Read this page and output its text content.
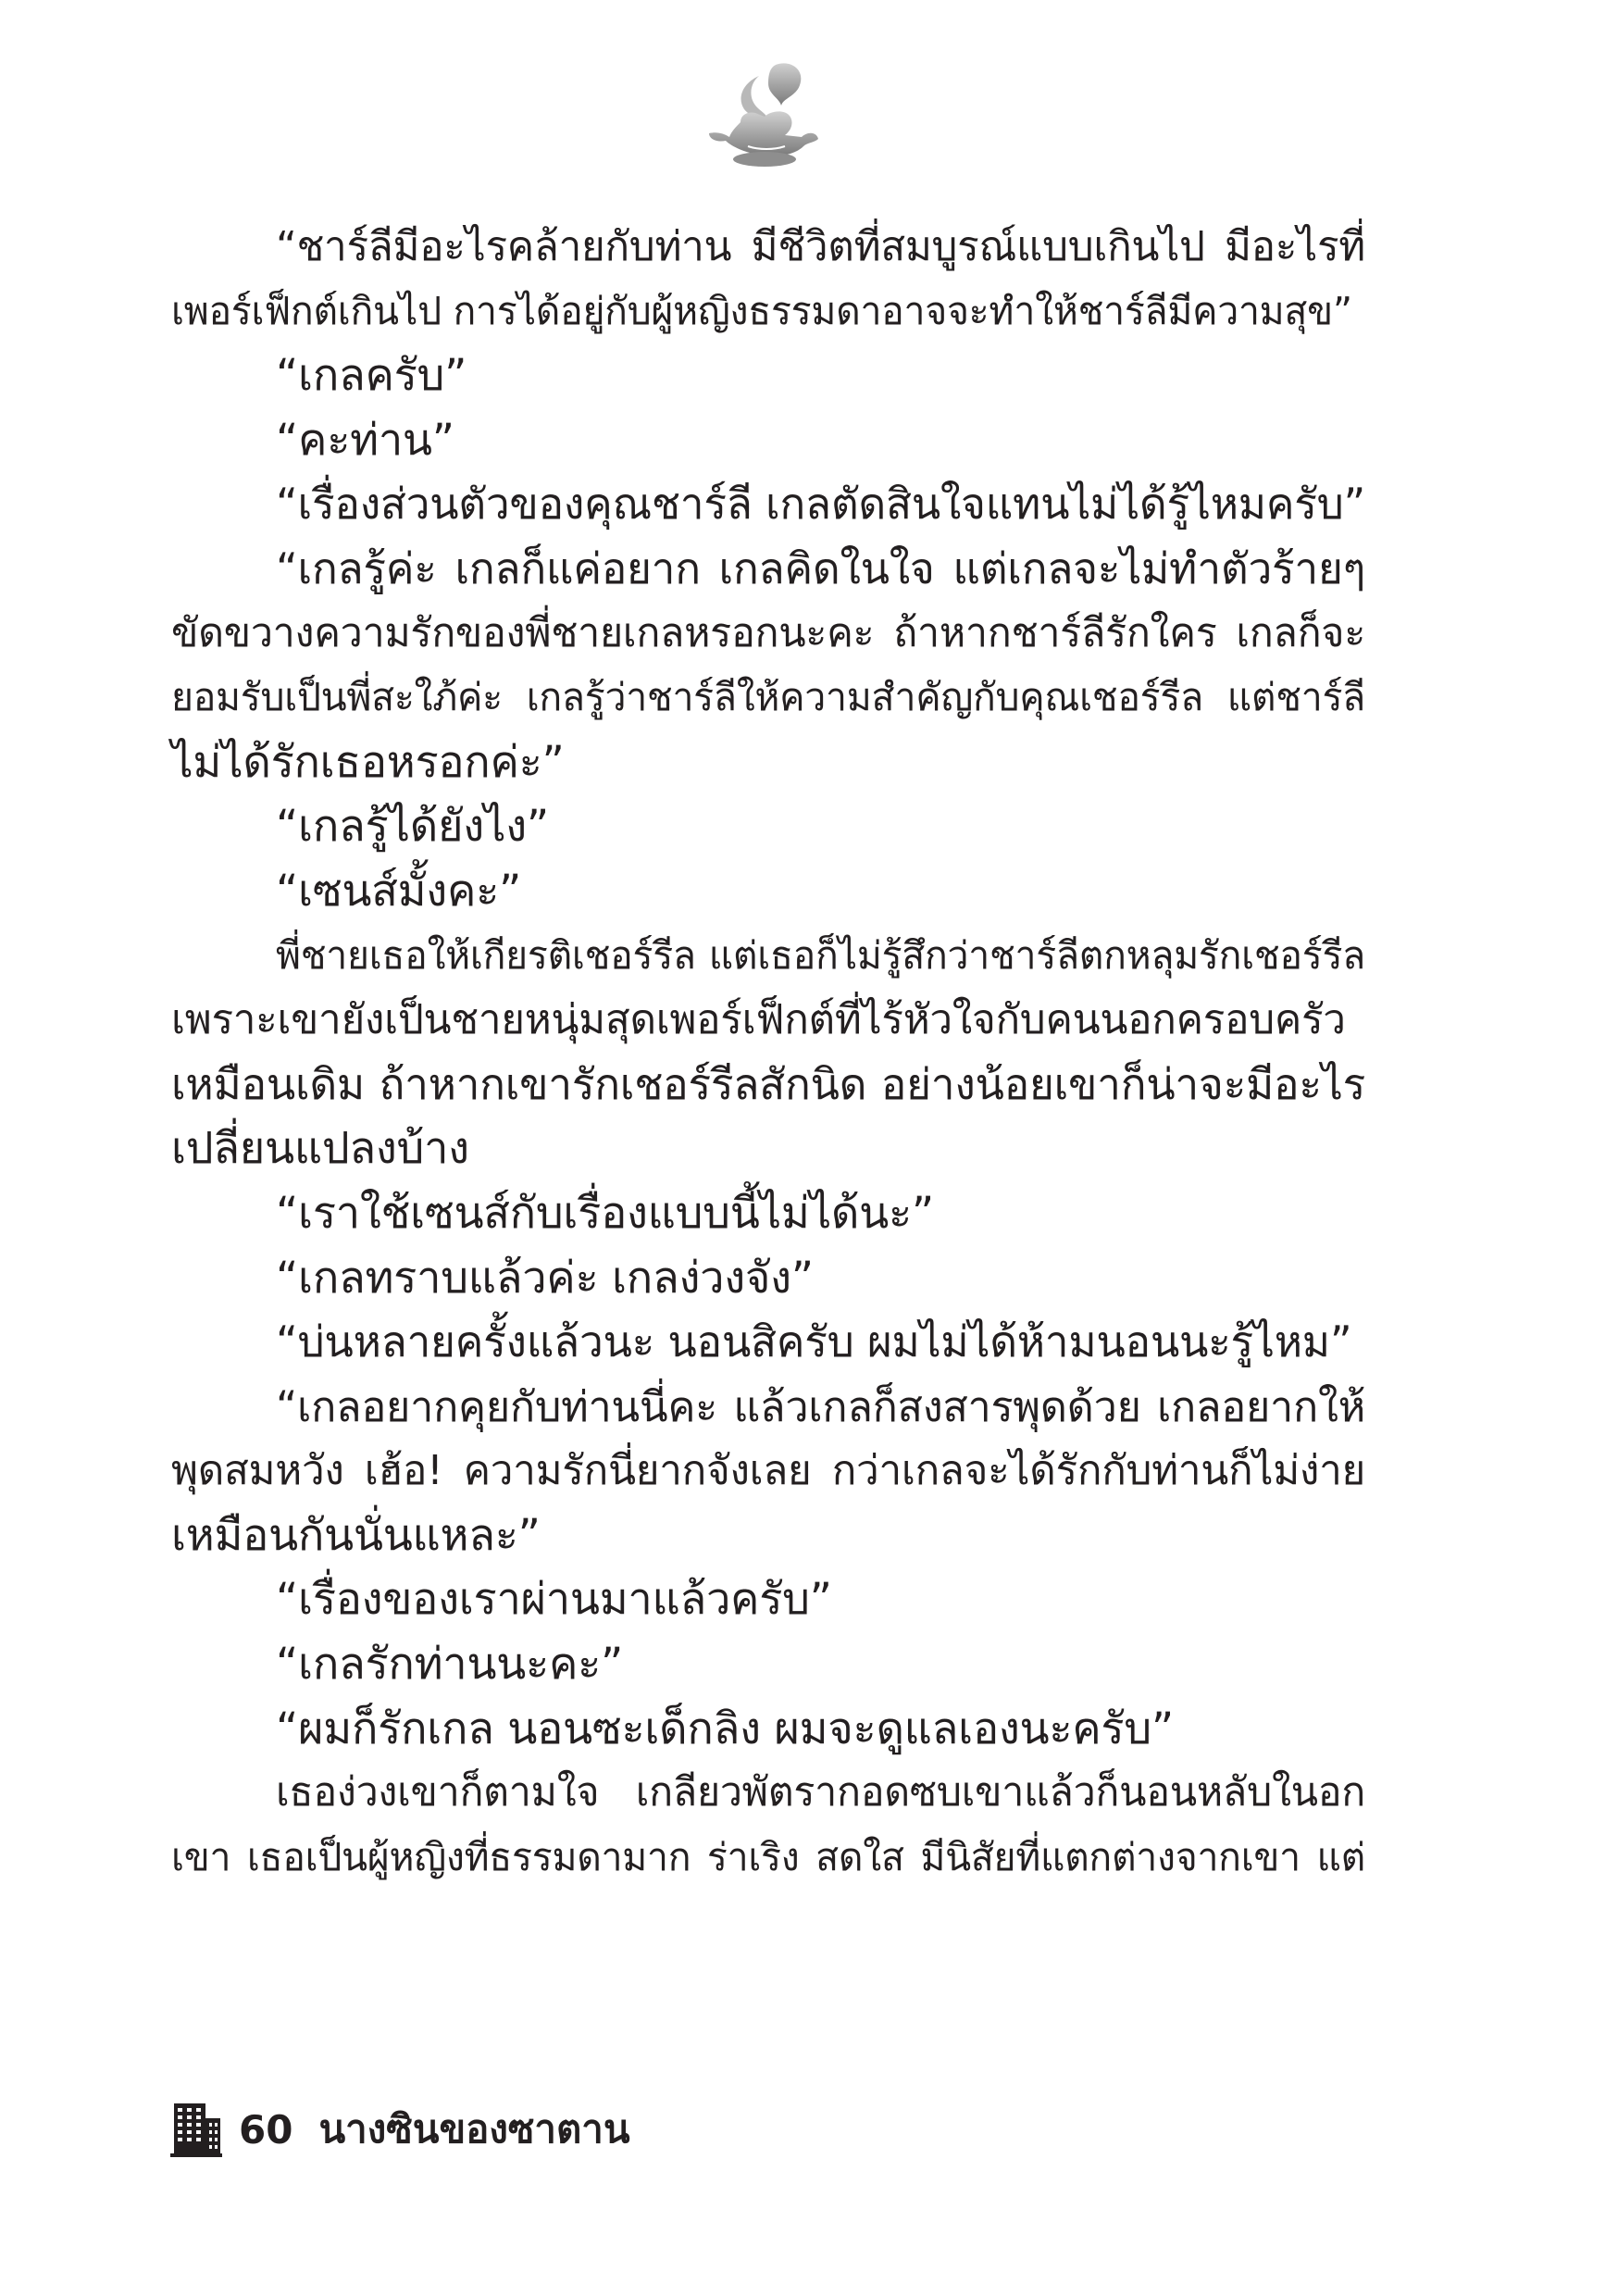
“ชาร์ลีมีอะไรคล้ายกับท่าน มีชีวิตที่สมบูรณ์แบบเกินไป มีอะไรที่
เพอร์เฟ็กต์เกินไป การได้อยู่กับผู้หญิงธรรมดาอาจจะทำให้ชาร์ลีมีความสุข”
“เกลครับ”
“คะท่าน”
“เรื่องส่วนตัวของคุณชาร์ลี เกลตัดสินใจแทนไม่ได้รู้ไหมครับ”
“เกลรู้ค่ะ เกลก็แค่อยาก เกลคิดในใจ แต่เกลจะไม่ทำตัวร้ายๆ
ขัดขวางความรักของพี่ชายเกลหรอกนะคะ ถ้าหากชาร์ลีรักใคร เกลก็จะ
ยอมรับเป็นพี่สะใภ้ค่ะ เกลรู้ว่าชาร์ลีให้ความสำคัญกับคุณเชอร์รีล แต่ชาร์ลี
ไม่ได้รักเธอหรอกค่ะ”
“เกลรู้ได้ยังไง”
“เซนส์มั้งคะ”
พี่ชายเธอให้เกียรติเชอร์รีล แต่เธอก็ไม่รู้สึกว่าชาร์ลีตกหลุมรักเชอร์รีล
เพราะเขายังเป็นชายหนุ่มสุดเพอร์เฟ็กต์ที่ไร้หัวใจกับคนนอกครอบครัว
เหมือนเดิม ถ้าหากเขารักเชอร์รีลสักนิด อย่างน้อยเขาก็น่าจะมีอะไร
เปลี่ยนแปลงบ้าง
“เราใช้เซนส์กับเรื่องแบบนี้ไม่ได้นะ”
“เกลทราบแล้วค่ะ เกลง่วงจัง”
“บ่นหลายครั้งแล้วนะ นอนสิครับ ผมไม่ได้ห้ามนอนนะรู้ไหม”
“เกลอยากคุยกับท่านนี่คะ แล้วเกลก็สงสารพุดด้วย เกลอยากให้
พุดสมหวัง เฮ้อ! ความรักนี่ยากจังเลย กว่าเกลจะได้รักกับท่านก็ไม่ง่าย
เหมือนกันนั่นแหละ”
“เรื่องของเราผ่านมาแล้วครับ”
“เกลรักท่านนะคะ”
“ผมก็รักเกล นอนซะเด็กลิง ผมจะดูแลเองนะครับ”
เธอง่วงเขาก็ตามใจ เกลียวพัตรากอดซบเขาแล้วก็นอนหลับในอก
เขา เธอเป็นผู้หญิงที่ธรรมดามาก ร่าเริง สดใส มีนิสัยที่แตกต่างจากเขา แต่
60 นางซินของซาตาน
